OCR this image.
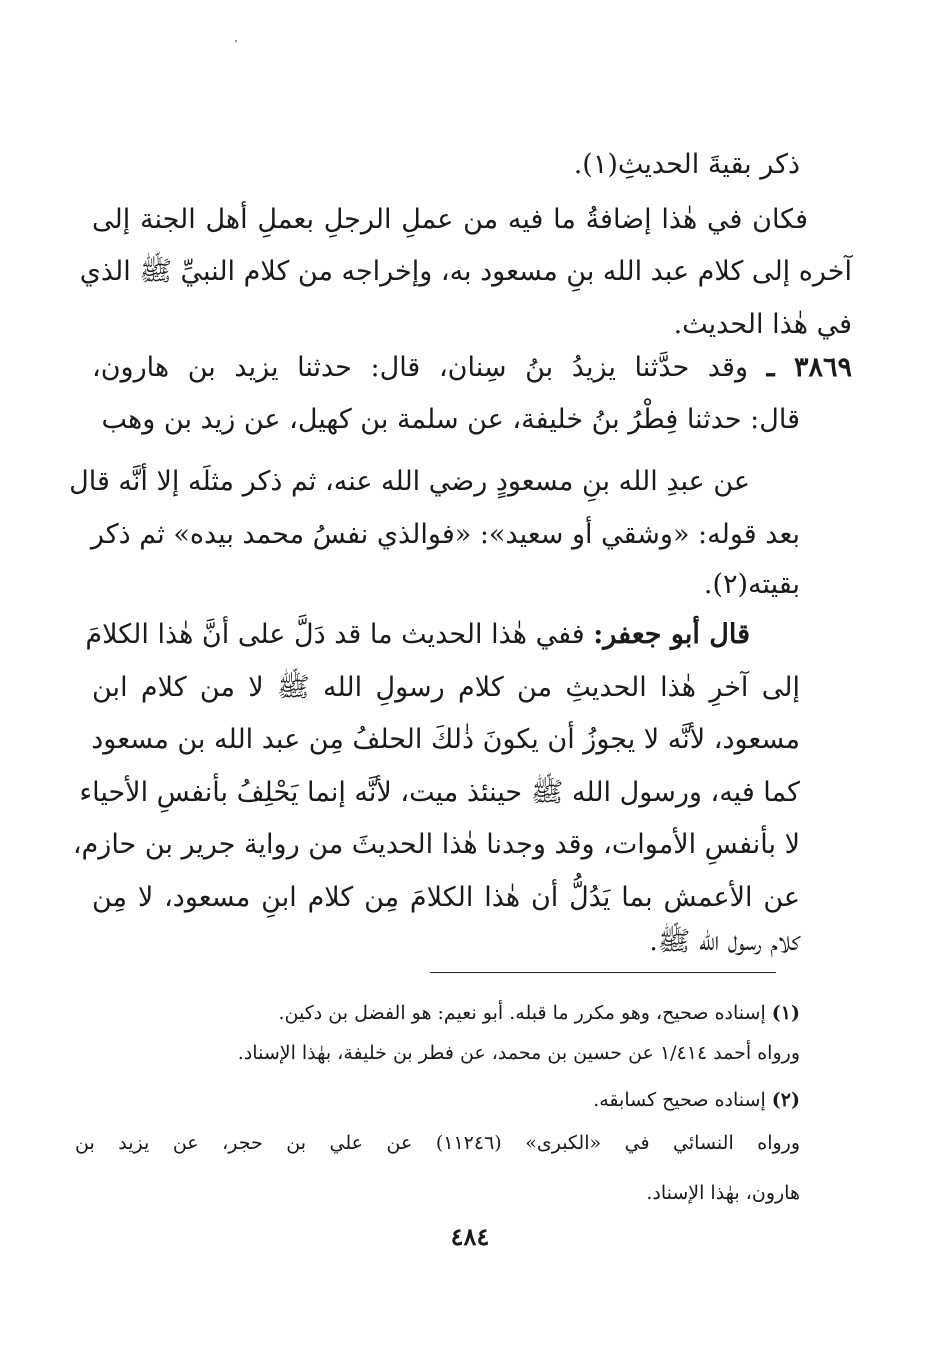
ذكر بقيةَ الحديثِ(١).
فكان في هٰذا إضافةُ ما فيه من عملِ الرجلِ بعملِ أهل الجنة إلى
آخره إلى كلام عبد الله بنِ مسعود به، وإخراجه من كلام النبيِّ ﷺ الذي
في هٰذا الحديث.
٣٨٦٩ ـ وقد حدَّثنا يزيدُ بنُ سِنان، قال: حدثنا يزيد بن هارون،
قال: حدثنا فِطْرُ بنُ خليفة، عن سلمة بن كهيل، عن زيد بن وهب
عن عبدِ الله بنِ مسعودٍ رضي الله عنه، ثم ذكر مثلَه إلا أنَّه قال
بعد قوله: «وشقي أو سعيد»: «فوالذي نفسُ محمد بيده» ثم ذكر
بقيته(٢).
قال أبو جعفر: ففي هٰذا الحديث ما قد دَلَّ على أنَّ هٰذا الكلامَ
إلى آخرِ هٰذا الحديثِ من كلام رسولِ الله ﷺ لا من كلام ابن
مسعود، لأنَّه لا يجوزُ أن يكونَ ذٰلكَ الحلفُ مِن عبد الله بن مسعود
كما فيه، ورسول الله ﷺ حينئذ ميت، لأنَّه إنما يَحْلِفُ بأنفسِ الأحياء
لا بأنفسِ الأموات، وقد وجدنا هٰذا الحديثَ من رواية جرير بن حازم،
عن الأعمش بما يَدُلُّ أن هٰذا الكلامَ مِن كلام ابنِ مسعود، لا مِن
كلام رسول الله ﷺ.
(١) إسناده صحيح، وهو مكرر ما قبله. أبو نعيم: هو الفضل بن دكين.
ورواه أحمد ١/٤١٤ عن حسين بن محمد، عن فطر بن خليفة، بهٰذا الإسناد.
(٢) إسناده صحيح كسابقه.
ورواه النسائي في «الكبرى» (١١٢٤٦) عن علي بن حجر، عن يزيد بن
هارون، بهٰذا الإسناد.
٤٨٤
